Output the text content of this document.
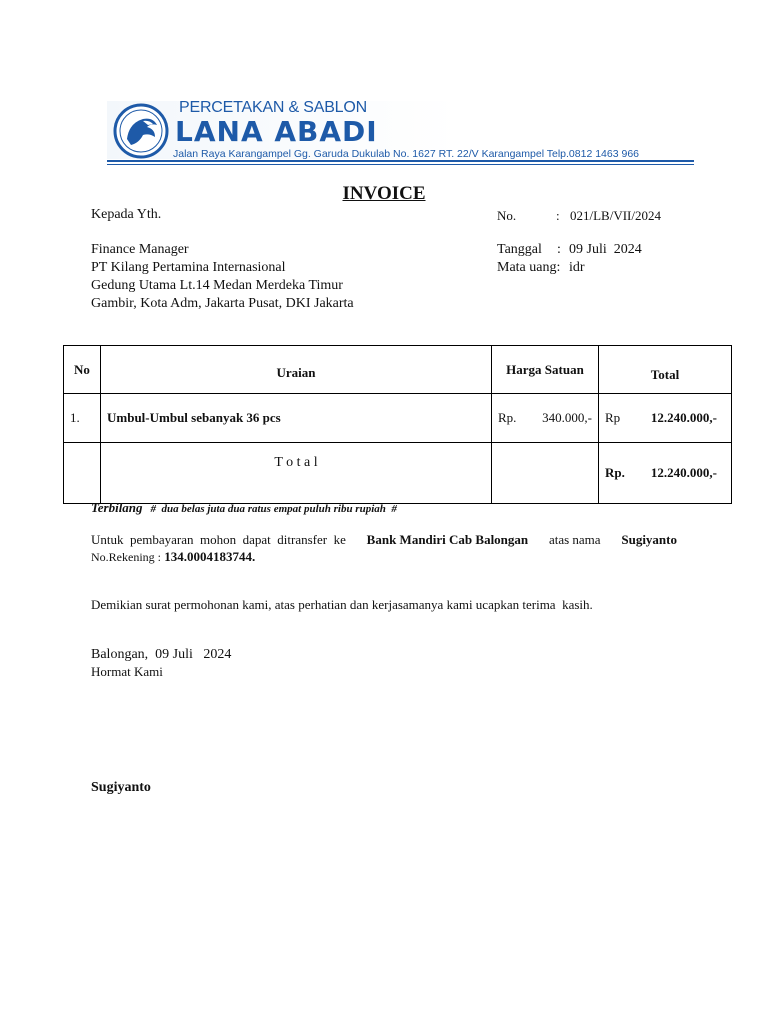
PERCETAKAN & SABLON
LANA ABADI
Jalan Raya Karangampel Gg. Garuda Dukulab No. 1627 RT. 22/V Karangampel Telp.0812 1463 966
INVOICE
Kepada Yth.
Finance Manager
PT Kilang Pertamina Internasional
Gedung Utama Lt.14 Medan Merdeka Timur
Gambir, Kota Adm, Jakarta Pusat, DKI Jakarta
No.	: 021/LB/VII/2024
Tanggal : 09 Juli  2024
Mata uang: idr
No	Uraian	Harga Satuan	Total
1.	Umbul-Umbul sebanyak 36 pcs	Rp. 340.000,-	Rp 12.240.000,-

	T o t a l		Rp. 12.240.000,-
Terbilang #  dua belas juta dua ratus empat puluh ribu rupiah  #
Untuk  pembayaran  mohon  dapat  ditransfer  ke Bank Mandiri Cab Balongan atas nama Sugiyanto
No.Rekening : 134.0004183744.
Demikian surat permohonan kami, atas perhatian dan kerjasamanya kami ucapkan terima  kasih.
Balongan,  09 Juli   2024
Hormat Kami
Sugiyanto
